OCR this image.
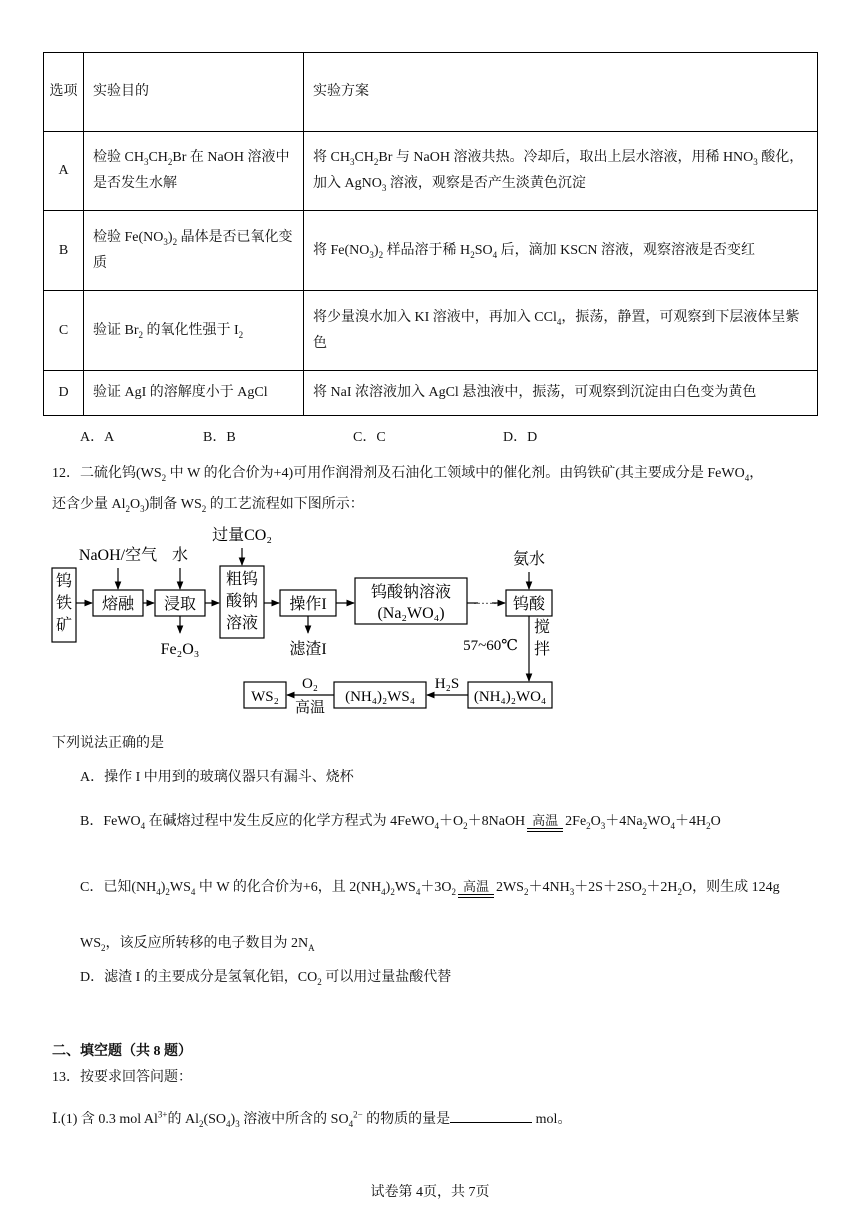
选项	实验目的	实验方案
A	检验 $CH_3CH_2Br$ 在 NaOH 溶液中是否发生水解	将 $CH_3CH_2Br$ 与 NaOH 溶液共热。冷却后，取出上层水溶液，用稀 $HNO_3$ 酸化，加入 AgNO$_3$ 溶液，观察是否产生淡黄色沉淀
B	检验 $Fe(NO_3)_2$ 晶体是否已氧化变质	将 $Fe(NO_3)_2$ 样品溶于稀 $H_2SO_4$ 后，滴加 KSCN 溶液，观察溶液是否变红
C	验证 $Br_2$ 的氧化性强于 $I_2$	将少量溴水加入 KI 溶液中，再加入 CCl$_4$，振荡，静置，可观察到下层液体呈紫色
D	验证 AgI 的溶解度小于 AgCl	将 NaI 浓溶液加入 AgCl 悬浊液中，振荡，可观察到沉淀由白色变为黄色
A．A	B．B	C．C	D．D
12．二硫化钨($WS_2$ 中 W 的化合价为+4)可用作润滑剂及石油化工领域中的催化剂。由钨铁矿(其主要成分是 FeWO$_4$，
还含少量 $Al_2O_3$)制备 $WS_2$ 的工艺流程如下图所示：
钨
铁
矿
NaOH/空气
熔融
水
浸取
Fe₂O₃
过量CO₂
粗钨
酸钠
溶液
操作I
滤渣I
钨酸钠溶液
(Na₂WO₄)
······
氨水
钨酸
57~60℃
搅
拌
(NH₄)₂WO₄
H₂S
(NH₄)₂WS₄
O₂
高温
WS₂
下列说法正确的是
A．操作 I 中用到的玻璃仪器只有漏斗、烧杯
B．FeWO$_4$ 在碱熔过程中发生反应的化学方程式为 $4FeWO_4+O_2+8NaOH$ 高温 $2Fe_2O_3+4Na_2WO_4+4H_2O$
C．已知$(NH_4)_2WS_4$ 中 W 的化合价为+6，且 $2(NH_4)_2WS_4+3O_2$ 高温 $2WS_2+4NH_3+2S+2SO_2+2H_2O$，则生成 124g
$WS_2$，该反应所转移的电子数目为 $2N_A$
D．滤渣 I 的主要成分是氢氧化铝，$CO_2$ 可以用过量盐酸代替
二、填空题（共 8 题）
13．按要求回答问题：
Ⅰ.(1) 含 0.3 mol $Al^{3+}$的 $Al_2(SO_4)_3$ 溶液中所含的 $SO_4^{2-}$ 的物质的量是	mol。
试卷第 4页，共 7页
